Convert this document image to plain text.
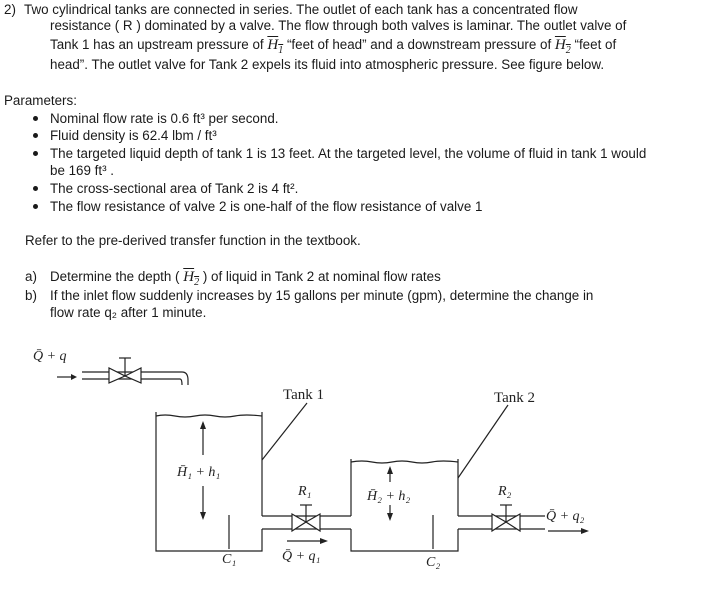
2) Two cylindrical tanks are connected in series. The outlet of each tank has a concentrated flow
resistance ( R ) dominated by a valve. The flow through both valves is laminar. The outlet valve of
Tank 1 has an upstream pressure of $H_1$ “feet of head” and a downstream pressure of $H_2$ “feet of
head”. The outlet valve for Tank 2 expels its fluid into atmospheric pressure. See figure below.
Parameters:
Nominal flow rate is 0.6 ft³ per second.
Fluid density is 62.4 lbm / ft³
The targeted liquid depth of tank 1 is 13 feet. At the targeted level, the volume of fluid in tank 1 would
be 169 ft³ .
The cross-sectional area of Tank 2 is 4 ft².
The flow resistance of valve 2 is one-half of the flow resistance of valve 1
Refer to the pre-derived transfer function in the textbook.
a) Determine the depth ( $H_2$ ) of liquid in Tank 2 at nominal flow rates
b) If the inlet flow suddenly increases by 15 gallons per minute (gpm), determine the change in
flow rate q₂ after 1 minute.
Q̄ + q
Tank 1	Tank 2
H̄₁ + h₁
H̄₂ + h₂
R₁	R₂
C₁	C₂
Q̄ + q₁
Q̄ + q₂
